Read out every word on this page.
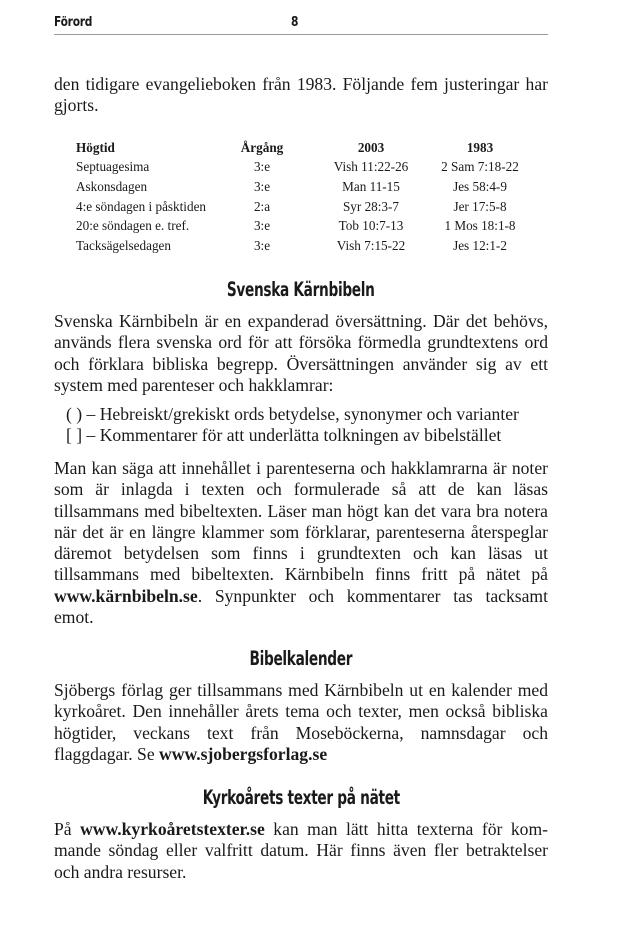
Förord	8

den tidigare evangelieboken från 1983. Följande fem justeringar har gjorts.

Högtid	Årgång	2003	1983
Septuagesima	3:e	Vish 11:22-26	2 Sam 7:18-22
Askonsdagen	3:e	Man 11-15	Jes 58:4-9
4:e söndagen i påsktiden	2:a	Syr 28:3-7	Jer 17:5-8
20:e söndagen e. tref.	3:e	Tob 10:7-13	1 Mos 18:1-8
Tacksägelsedagen	3:e	Vish 7:15-22	Jes 12:1-2
Svenska Kärnbibeln

Svenska Kärnbibeln är en expanderad översättning. Där det behövs, används flera svenska ord för att försöka förmedla grundtextens ord och förklara bibliska begrepp. Översättningen använder sig av ett system med parenteser och hakklamrar:

( ) – Hebreiskt/grekiskt ords betydelse, synonymer och varianter
[ ] – Kommentarer för att underlätta tolkningen av bibelstället

Man kan säga att innehållet i parenteserna och hakklamrarna är noter som är inlagda i texten och formulerade så att de kan läsas tillsammans med bibeltexten. Läser man högt kan det vara bra notera när det är en längre klammer som förklarar, parenteserna återspeglar däremot betydelsen som finns i grundtexten och kan läsas ut tillsammans med bibeltexten. Kärnbibeln finns fritt på nätet på www.kärnbibeln.se. Synpunkter och kommentarer tas tacksamt emot.

Bibelkalender

Sjöbergs förlag ger tillsammans med Kärnbibeln ut en kalender med kyrkoåret. Den innehåller årets tema och texter, men också bibliska högtider, veckans text från Moseböckerna, namnsdagar och flaggdagar. Se www.sjobergsforlag.se

Kyrkoårets texter på nätet

På www.kyrkoåretstexter.se kan man lätt hitta texterna för kommande söndag eller valfritt datum. Här finns även fler betraktelser och andra resurser.
